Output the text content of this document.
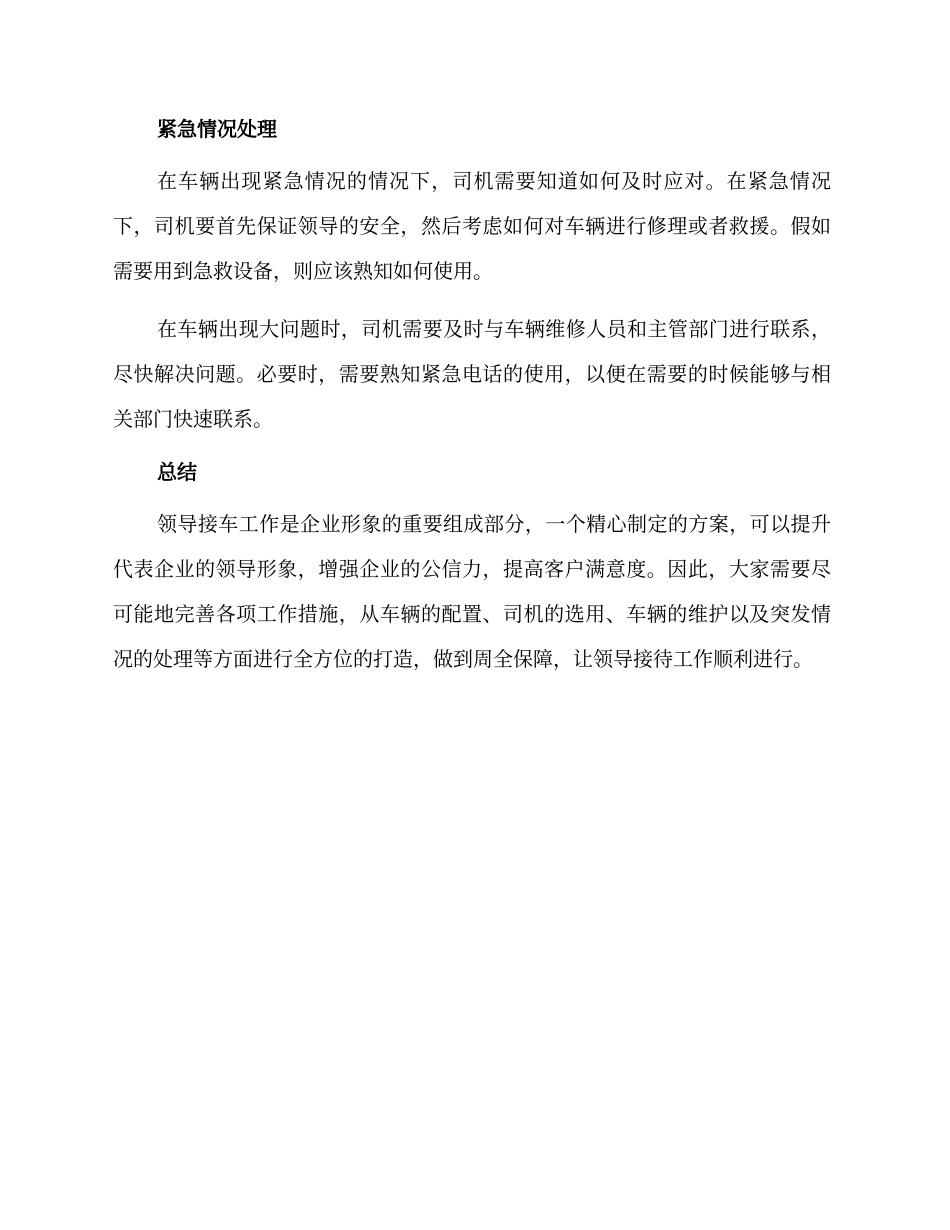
紧急情况处理

在车辆出现紧急情况的情况下，司机需要知道如何及时应对。在紧急情况下，司机要首先保证领导的安全，然后考虑如何对车辆进行修理或者救援。假如需要用到急救设备，则应该熟知如何使用。

在车辆出现大问题时，司机需要及时与车辆维修人员和主管部门进行联系，尽快解决问题。必要时，需要熟知紧急电话的使用，以便在需要的时候能够与相关部门快速联系。

总结

领导接车工作是企业形象的重要组成部分，一个精心制定的方案，可以提升代表企业的领导形象，增强企业的公信力，提高客户满意度。因此，大家需要尽可能地完善各项工作措施，从车辆的配置、司机的选用、车辆的维护以及突发情况的处理等方面进行全方位的打造，做到周全保障，让领导接待工作顺利进行。
